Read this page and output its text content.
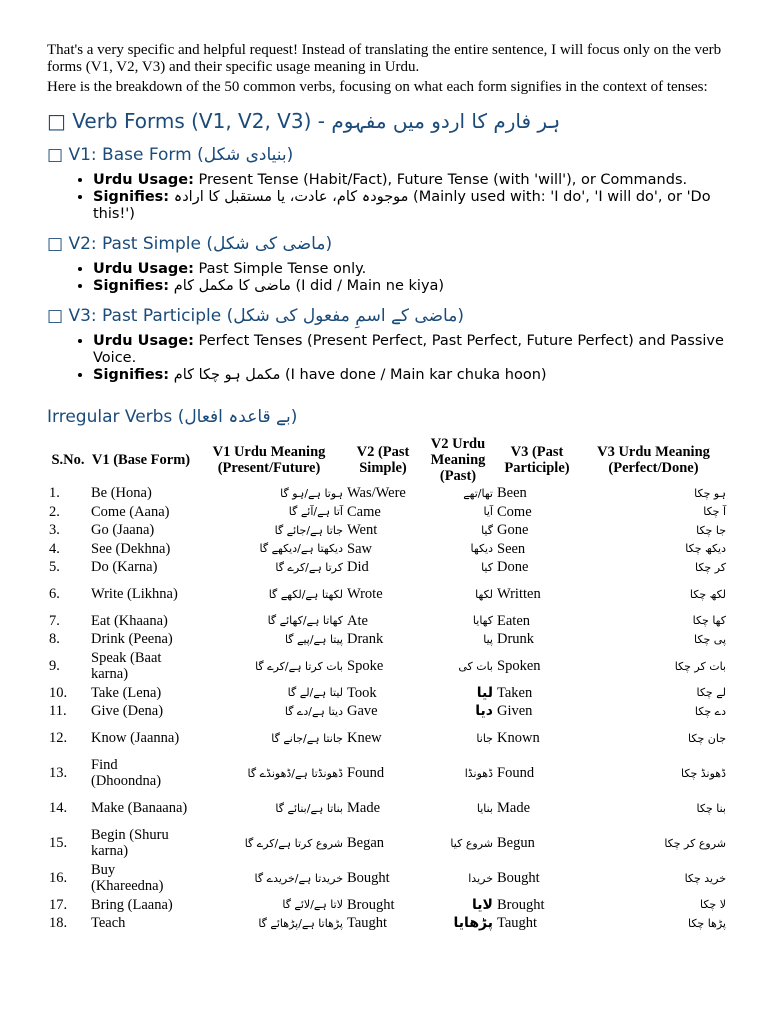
That's a very specific and helpful request! Instead of translating the entire sentence, I will focus only on the verb forms (V1, V2, V3) and their specific usage meaning in Urdu.

Here is the breakdown of the 50 common verbs, focusing on what each form signifies in the context of tenses:

□ Verb Forms (V1, V2, V3) - ہر فارم کا اردو میں مفہوم
□ V1: Base Form (بنیادی شکل)
• Urdu Usage: Present Tense (Habit/Fact), Future Tense (with 'will'), or Commands.
• Signifies: موجودہ کام، عادت، یا مستقبل کا ارادہ (Mainly used with: 'I do', 'I will do', or 'Do this!')
□ V2: Past Simple (ماضی کی شکل)
• Urdu Usage: Past Simple Tense only.
• Signifies: ماضی کا مکمل کام (I did / Main ne kiya)
□ V3: Past Participle (ماضی کے اسمِ مفعول کی شکل)
• Urdu Usage: Perfect Tenses (Present Perfect, Past Perfect, Future Perfect) and Passive Voice.
• Signifies: مکمل ہو چکا کام (I have done / Main kar chuka hoon)
Irregular Verbs (بے قاعدہ افعال)
S.No.	V1 (Base Form)	V1 Urdu Meaning (Present/Future)	V2 (Past Simple)	V2 Urdu Meaning (Past)	V3 (Past Participle)	V3 Urdu Meaning (Perfect/Done)
1.	Be (Hona)	ہوتا ہے/ہو گا	Was/Were	تھا/تھے	Been	ہو چکا
2.	Come (Aana)	آتا ہے/آئے گا	Came	آیا	Come	آ چکا
3.	Go (Jaana)	جاتا ہے/جائے گا	Went	گیا	Gone	جا چکا
4.	See (Dekhna)	دیکھتا ہے/دیکھے گا	Saw	دیکھا	Seen	دیکھ چکا
5.	Do (Karna)	کرتا ہے/کرے گا	Did	کیا	Done	کر چکا
6.	Write (Likhna)	لکھتا ہے/لکھے گا	Wrote	لکھا	Written	لکھ چکا
7.	Eat (Khaana)	کھاتا ہے/کھائے گا	Ate	کھایا	Eaten	کھا چکا
8.	Drink (Peena)	پیتا ہے/پیے گا	Drank	پیا	Drunk	پی چکا
9.	Speak (Baat karna)	بات کرتا ہے/کرے گا	Spoke	بات کی	Spoken	بات کر چکا
10.	Take (Lena)	لیتا ہے/لے گا	Took	لیا	Taken	لے چکا
11.	Give (Dena)	دیتا ہے/دے گا	Gave	دیا	Given	دے چکا
12.	Know (Jaanna)	جانتا ہے/جانے گا	Knew	جانا	Known	جان چکا
13.	Find (Dhoondna)	ڈھونڈتا ہے/ڈھونڈے گا	Found	ڈھونڈا	Found	ڈھونڈ چکا
14.	Make (Banaana)	بناتا ہے/بنائے گا	Made	بنایا	Made	بنا چکا
15.	Begin (Shuru karna)	شروع کرتا ہے/کرے گا	Began	شروع کیا	Begun	شروع کر چکا
16.	Buy (Khareedna)	خریدتا ہے/خریدے گا	Bought	خریدا	Bought	خرید چکا
17.	Bring (Laana)	لاتا ہے/لائے گا	Brought	لایا	Brought	لا چکا
18.	Teach	پڑھاتا ہے/پڑھائے گا	Taught	پڑھایا	Taught	پڑھا چکا
